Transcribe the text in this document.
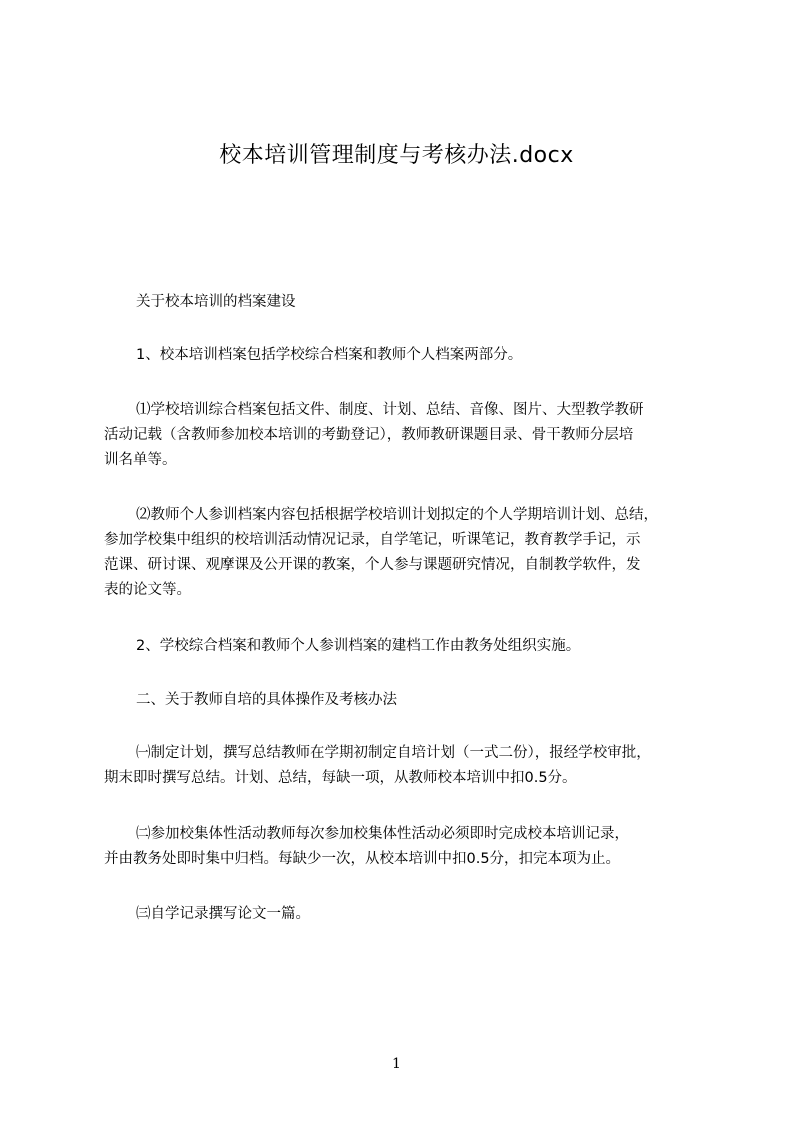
校本培训管理制度与考核办法.docx
关于校本培训的档案建设
1、校本培训档案包括学校综合档案和教师个人档案两部分。
⑴学校培训综合档案包括文件、制度、计划、总结、音像、图片、大型教学教研
活动记载（含教师参加校本培训的考勤登记），教师教研课题目录、骨干教师分层培
训名单等。
⑵教师个人参训档案内容包括根据学校培训计划拟定的个人学期培训计划、总结，
参加学校集中组织的校培训活动情况记录，自学笔记，听课笔记，教育教学手记，示
范课、研讨课、观摩课及公开课的教案，个人参与课题研究情况，自制教学软件，发
表的论文等。
2、学校综合档案和教师个人参训档案的建档工作由教务处组织实施。
二、关于教师自培的具体操作及考核办法
㈠制定计划，撰写总结教师在学期初制定自培计划（一式二份），报经学校审批，
期末即时撰写总结。计划、总结，每缺一项，从教师校本培训中扣0.5分。
㈡参加校集体性活动教师每次参加校集体性活动必须即时完成校本培训记录，
并由教务处即时集中归档。每缺少一次，从校本培训中扣0.5分，扣完本项为止。
㈢自学记录撰写论文一篇。
1
